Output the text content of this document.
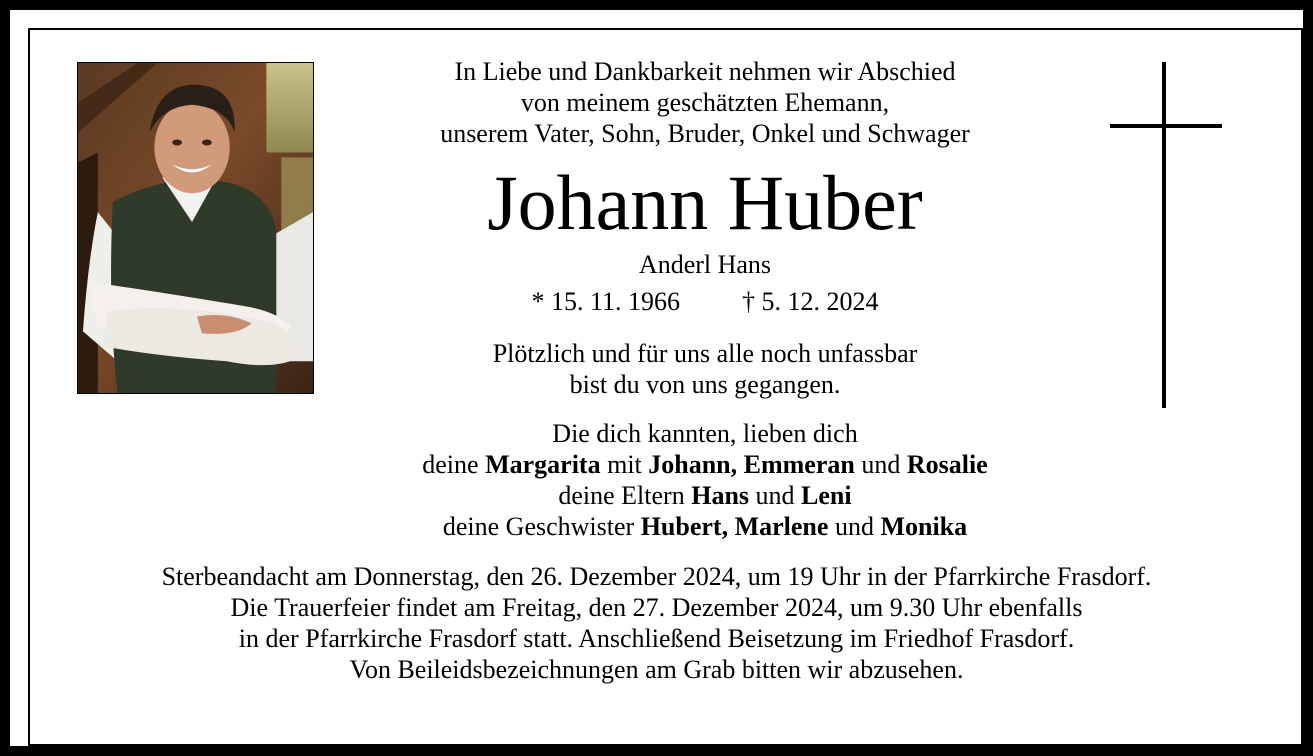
In Liebe und Dankbarkeit nehmen wir Abschied
von meinem geschätzten Ehemann,
unserem Vater, Sohn, Bruder, Onkel und Schwager
Johann Huber
Anderl Hans
* 15. 11. 1966 † 5. 12. 2024
Plötzlich und für uns alle noch unfassbar
bist du von uns gegangen.
Die dich kannten, lieben dich
deine Margarita mit Johann, Emmeran und Rosalie
deine Eltern Hans und Leni
deine Geschwister Hubert, Marlene und Monika
Sterbeandacht am Donnerstag, den 26. Dezember 2024, um 19 Uhr in der Pfarrkirche Frasdorf.
Die Trauerfeier findet am Freitag, den 27. Dezember 2024, um 9.30 Uhr ebenfalls
in der Pfarrkirche Frasdorf statt. Anschließend Beisetzung im Friedhof Frasdorf.
Von Beileidsbezeichnungen am Grab bitten wir abzusehen.
